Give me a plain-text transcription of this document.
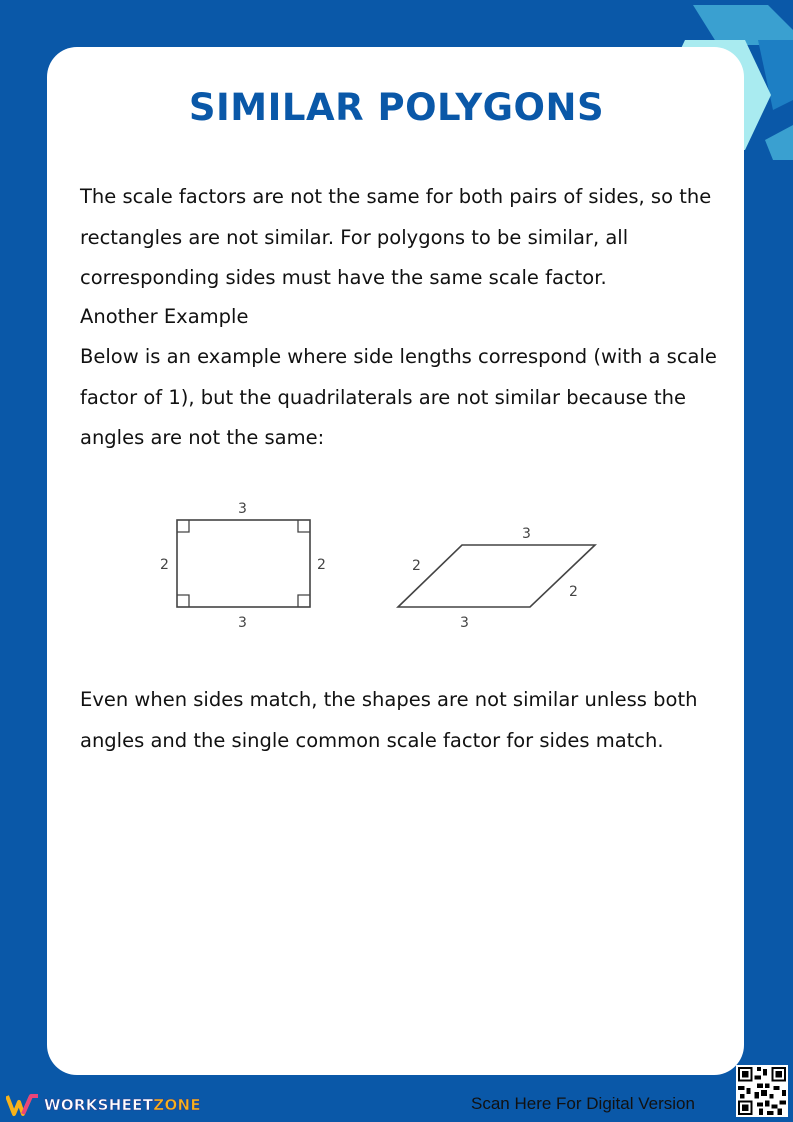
SIMILAR POLYGONS

The scale factors are not the same for both pairs of sides, so the rectangles are not similar. For polygons to be similar, all corresponding sides must have the same scale factor.

Another Example

Below is an example where side lengths correspond (with a scale factor of 1), but the quadrilaterals are not similar because the angles are not the same:

3
3
2	2
3
3
2
2

Even when sides match, the shapes are not similar unless both angles and the single common scale factor for sides match.

WORKSHEETZONE	Scan Here For Digital Version
